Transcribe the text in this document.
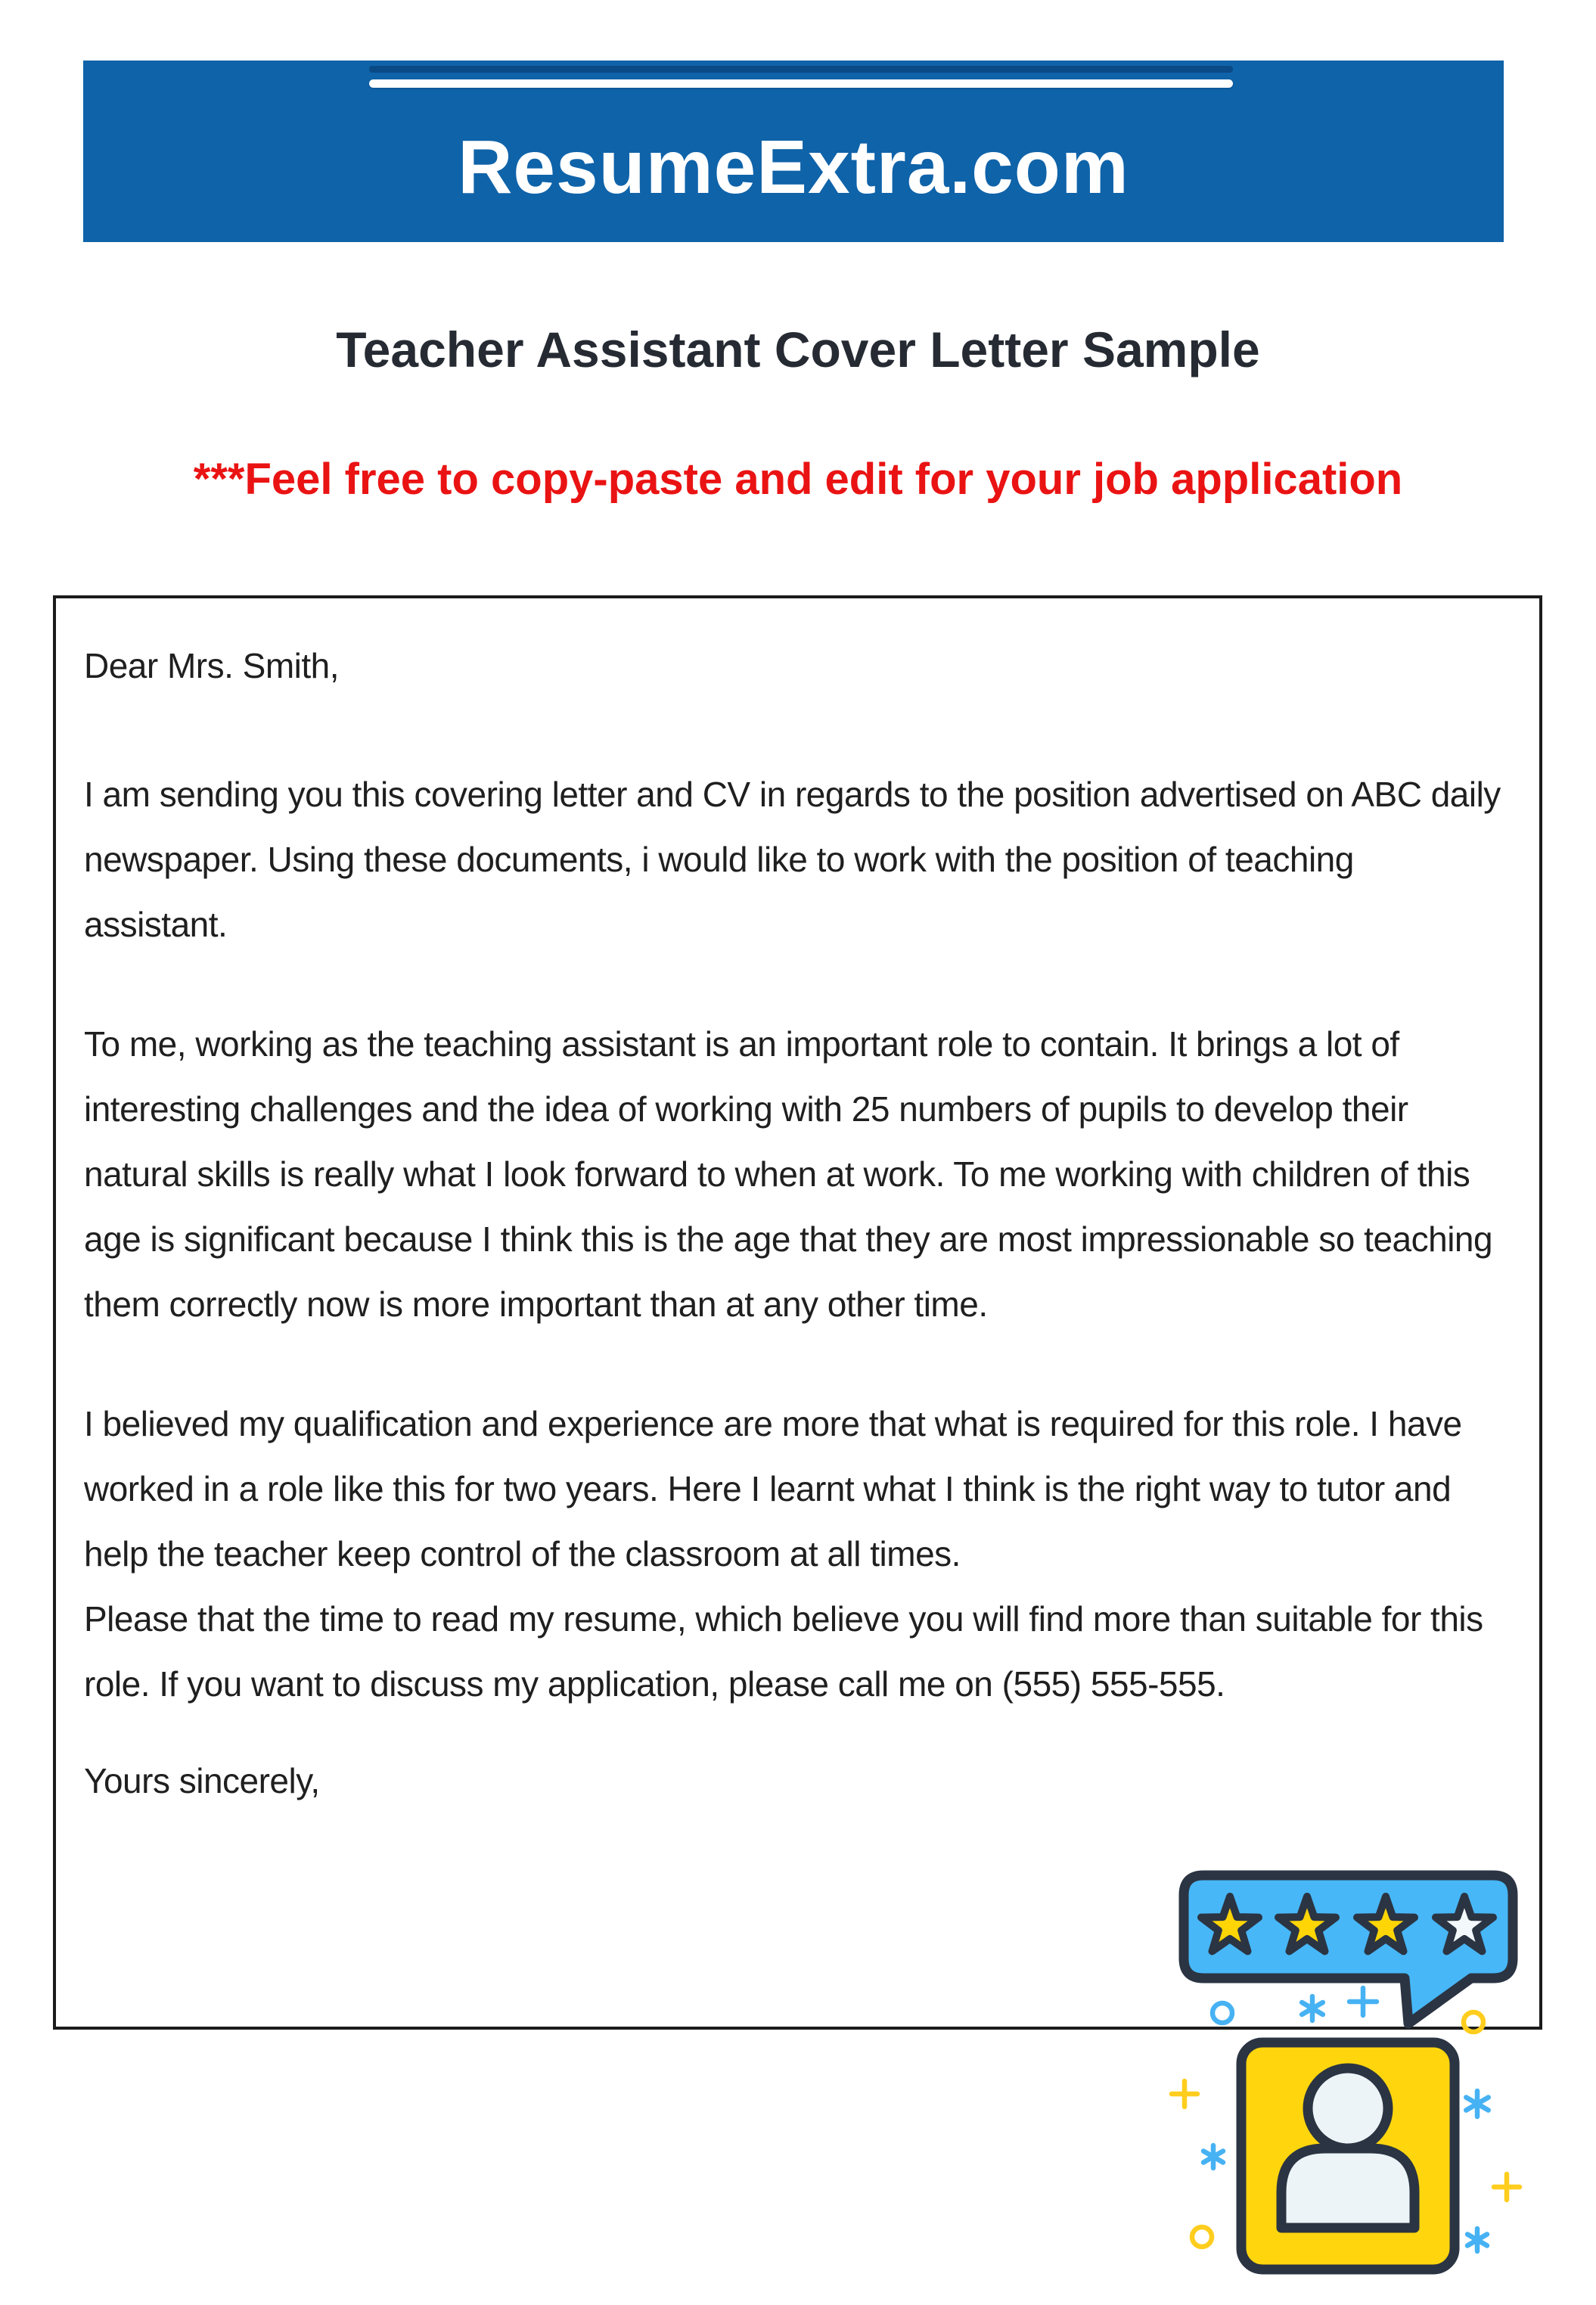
ResumeExtra.com
Teacher Assistant Cover Letter Sample
***Feel free to copy-paste and edit for your job application

Dear Mrs. Smith,

I am sending you this covering letter and CV in regards to the position advertised on ABC daily newspaper. Using these documents, i would like to work with the position of teaching assistant.

To me, working as the teaching assistant is an important role to contain. It brings a lot of interesting challenges and the idea of working with 25 numbers of pupils to develop their natural skills is really what I look forward to when at work. To me working with children of this age is significant because I think this is the age that they are most impressionable so teaching them correctly now is more important than at any other time.

I believed my qualification and experience are more that what is required for this role. I have worked in a role like this for two years. Here I learnt what I think is the right way to tutor and help the teacher keep control of the classroom at all times.

Please that the time to read my resume, which believe you will find more than suitable for this role. If you want to discuss my application, please call me on (555) 555-555.

Yours sincerely,
